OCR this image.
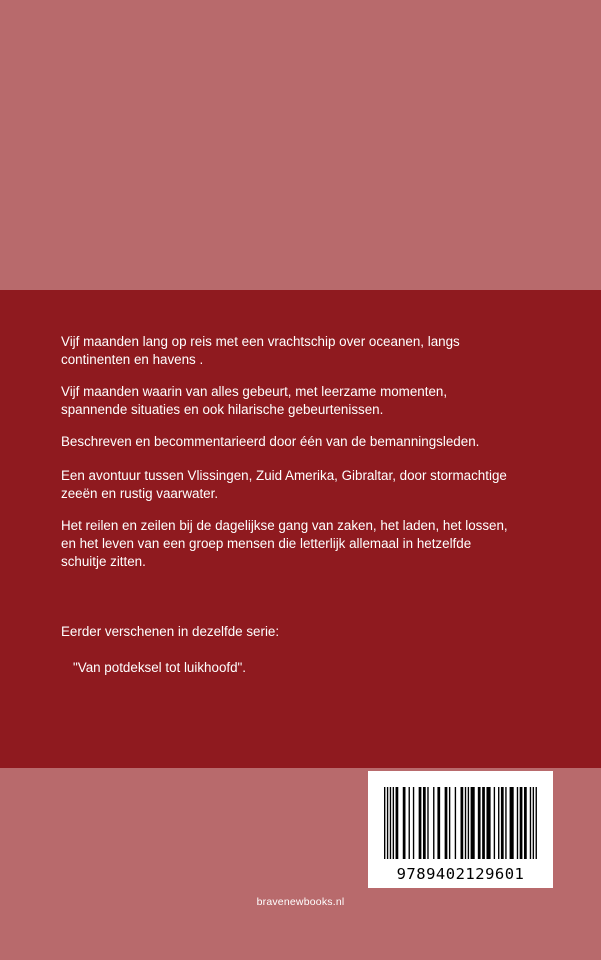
Vijf maanden lang op reis met een vrachtschip over oceanen, langs
continenten en havens .

Vijf maanden waarin van alles gebeurt, met leerzame momenten,
spannende situaties en ook hilarische gebeurtenissen.

Beschreven en becommentarieerd door één van de bemanningsleden.

Een avontuur tussen Vlissingen, Zuid Amerika, Gibraltar, door stormachtige
zeeën en rustig vaarwater.

Het reilen en zeilen bij de dagelijkse gang van zaken, het laden, het lossen,
en het leven van een groep mensen die letterlijk allemaal in hetzelfde
schuitje zitten.

Eerder verschenen in dezelfde serie:

"Van potdeksel tot luikhoofd".

9789402129601
bravenewbooks.nl
